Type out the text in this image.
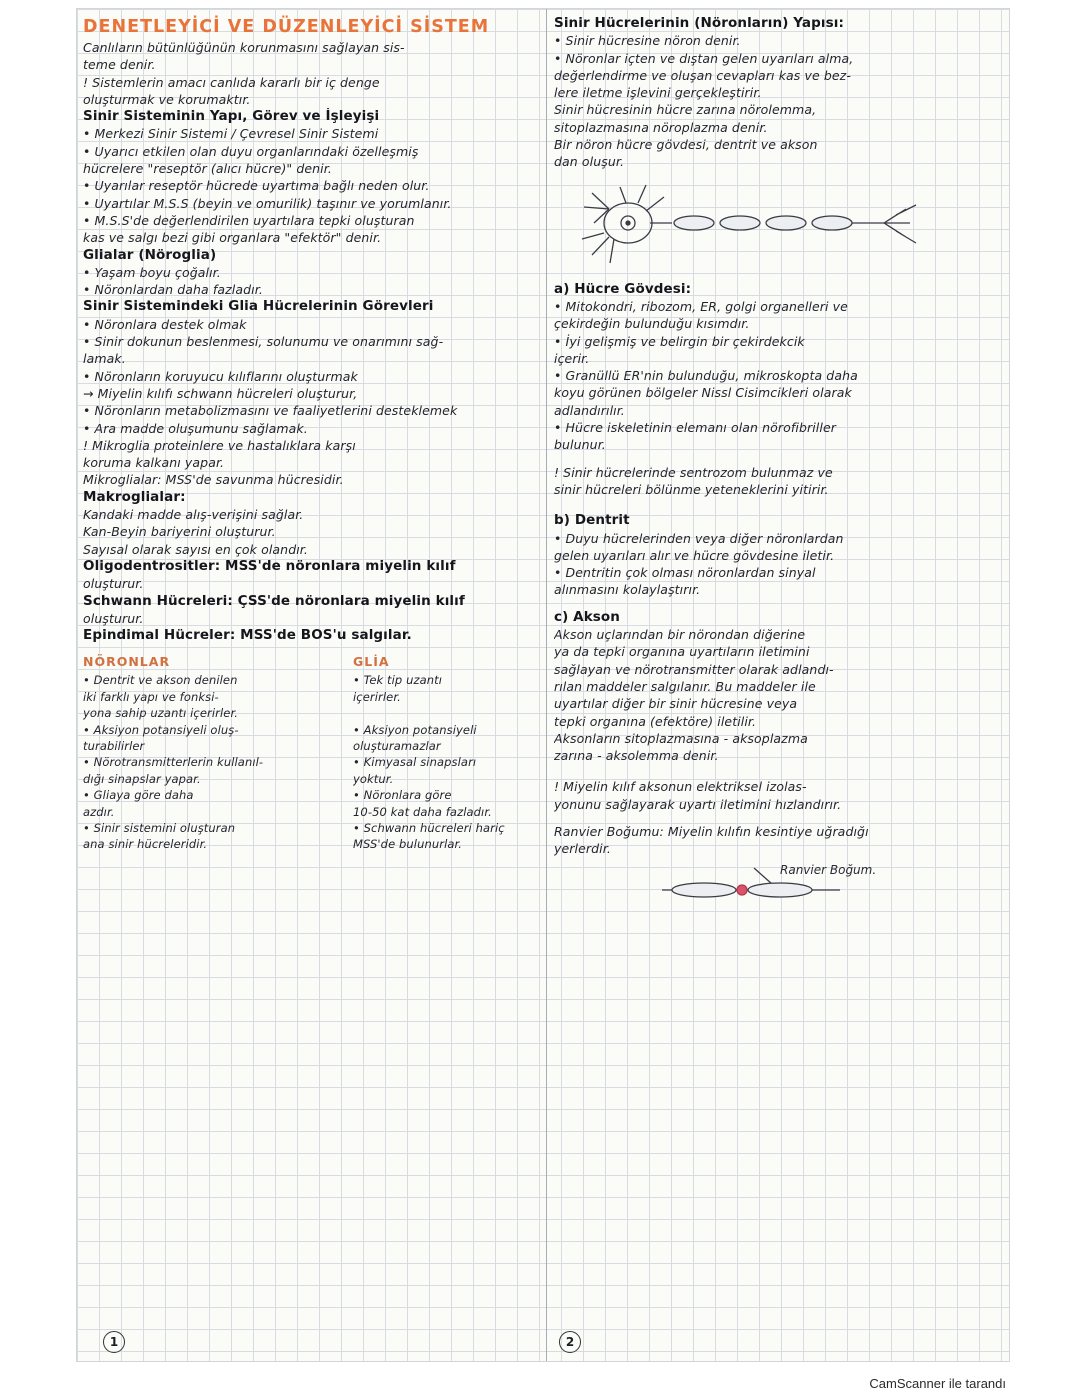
DENETLEYİCİ VE DÜZENLEYİCİ SİSTEM
Canlıların bütünlüğünün korunmasını sağlayan sis-
teme denir.
! Sistemlerin amacı canlıda kararlı bir iç denge
oluşturmak ve korumaktır.
Sinir Sisteminin Yapı, Görev ve İşleyişi
• Merkezi Sinir Sistemi / Çevresel Sinir Sistemi
• Uyarıcı etkilen olan duyu organlarındaki özelleşmiş
hücrelere "reseptör (alıcı hücre)" denir.
• Uyarılar reseptör hücrede uyartıma bağlı neden olur.
• Uyartılar M.S.S (beyin ve omurilik) taşınır ve yorumlanır.
• M.S.S'de değerlendirilen uyartılara tepki oluşturan
kas ve salgı bezi gibi organlara "efektör" denir.
Glialar (Nöroglia)
• Yaşam boyu çoğalır.
• Nöronlardan daha fazladır.
Sinir Sistemindeki Glia Hücrelerinin Görevleri
• Nöronlara destek olmak
• Sinir dokunun beslenmesi, solunumu ve onarımını sağ-
lamak.
• Nöronların koruyucu kılıflarını oluşturmak
→ Miyelin kılıfı schwann hücreleri oluşturur,
• Nöronların metabolizmasını ve faaliyetlerini desteklemek
• Ara madde oluşumunu sağlamak.
! Mikroglia proteinlere ve hastalıklara karşı
koruma kalkanı yapar.
Mikroglialar: MSS'de savunma hücresidir.
Makroglialar:
Kandaki madde alış-verişini sağlar.
Kan-Beyin bariyerini oluşturur.
Sayısal olarak sayısı en çok olandır.
Oligodentrositler: MSS'de nöronlara miyelin kılıf
oluşturur.
Schwann Hücreleri: ÇSS'de nöronlara miyelin kılıf
oluşturur.
Epindimal Hücreler: MSS'de BOS'u salgılar.
NÖRONLAR
• Dentrit ve akson denilen
iki farklı yapı ve fonksi-
yona sahip uzantı içerirler.
• Aksiyon potansiyeli oluş-
turabilirler
• Nörotransmitterlerin kullanıl-
dığı sinapslar yapar.
• Gliaya göre daha
azdır.
• Sinir sistemini oluşturan
ana sinir hücreleridir.
GLİA
• Tek tip uzantı
içerirler.
• Aksiyon potansiyeli
oluşturamazlar
• Kimyasal sinapsları
yoktur.
• Nöronlara göre
10-50 kat daha fazladır.
• Schwann hücreleri hariç
MSS'de bulunurlar.
Sinir Hücrelerinin (Nöronların) Yapısı:
• Sinir hücresine nöron denir.
• Nöronlar içten ve dıştan gelen uyarıları alma,
değerlendirme ve oluşan cevapları kas ve bez-
lere iletme işlevini gerçekleştirir.
Sinir hücresinin hücre zarına nörolemma,
sitoplazmasına nöroplazma denir.
Bir nöron hücre gövdesi, dentrit ve akson
dan oluşur.
a) Hücre Gövdesi:
• Mitokondri, ribozom, ER, golgi organelleri ve
çekirdeğin bulunduğu kısımdır.
• İyi gelişmiş ve belirgin bir çekirdekcik
içerir.
• Granüllü ER'nin bulunduğu, mikroskopta daha
koyu görünen bölgeler Nissl Cisimcikleri olarak
adlandırılır.
• Hücre iskeletinin elemanı olan nörofibriller
bulunur.
! Sinir hücrelerinde sentrozom bulunmaz ve
sinir hücreleri bölünme yeteneklerini yitirir.
b) Dentrit
• Duyu hücrelerinden veya diğer nöronlardan
gelen uyarıları alır ve hücre gövdesine iletir.
• Dentritin çok olması nöronlardan sinyal
alınmasını kolaylaştırır.
c) Akson
Akson uçlarından bir nörondan diğerine
ya da tepki organına uyartıların iletimini
sağlayan ve nörotransmitter olarak adlandı-
rılan maddeler salgılanır. Bu maddeler ile
uyartılar diğer bir sinir hücresine veya
tepki organına (efektöre) iletilir.
Aksonların sitoplazmasına - aksoplazma
zarına - aksolemma denir.
! Miyelin kılıf aksonun elektriksel izolas-
yonunu sağlayarak uyartı iletimini hızlandırır.
Ranvier Boğumu: Miyelin kılıfın kesintiye uğradığı
yerlerdir.
Ranvier Boğum.
1	2
CamScanner ile tarandı
